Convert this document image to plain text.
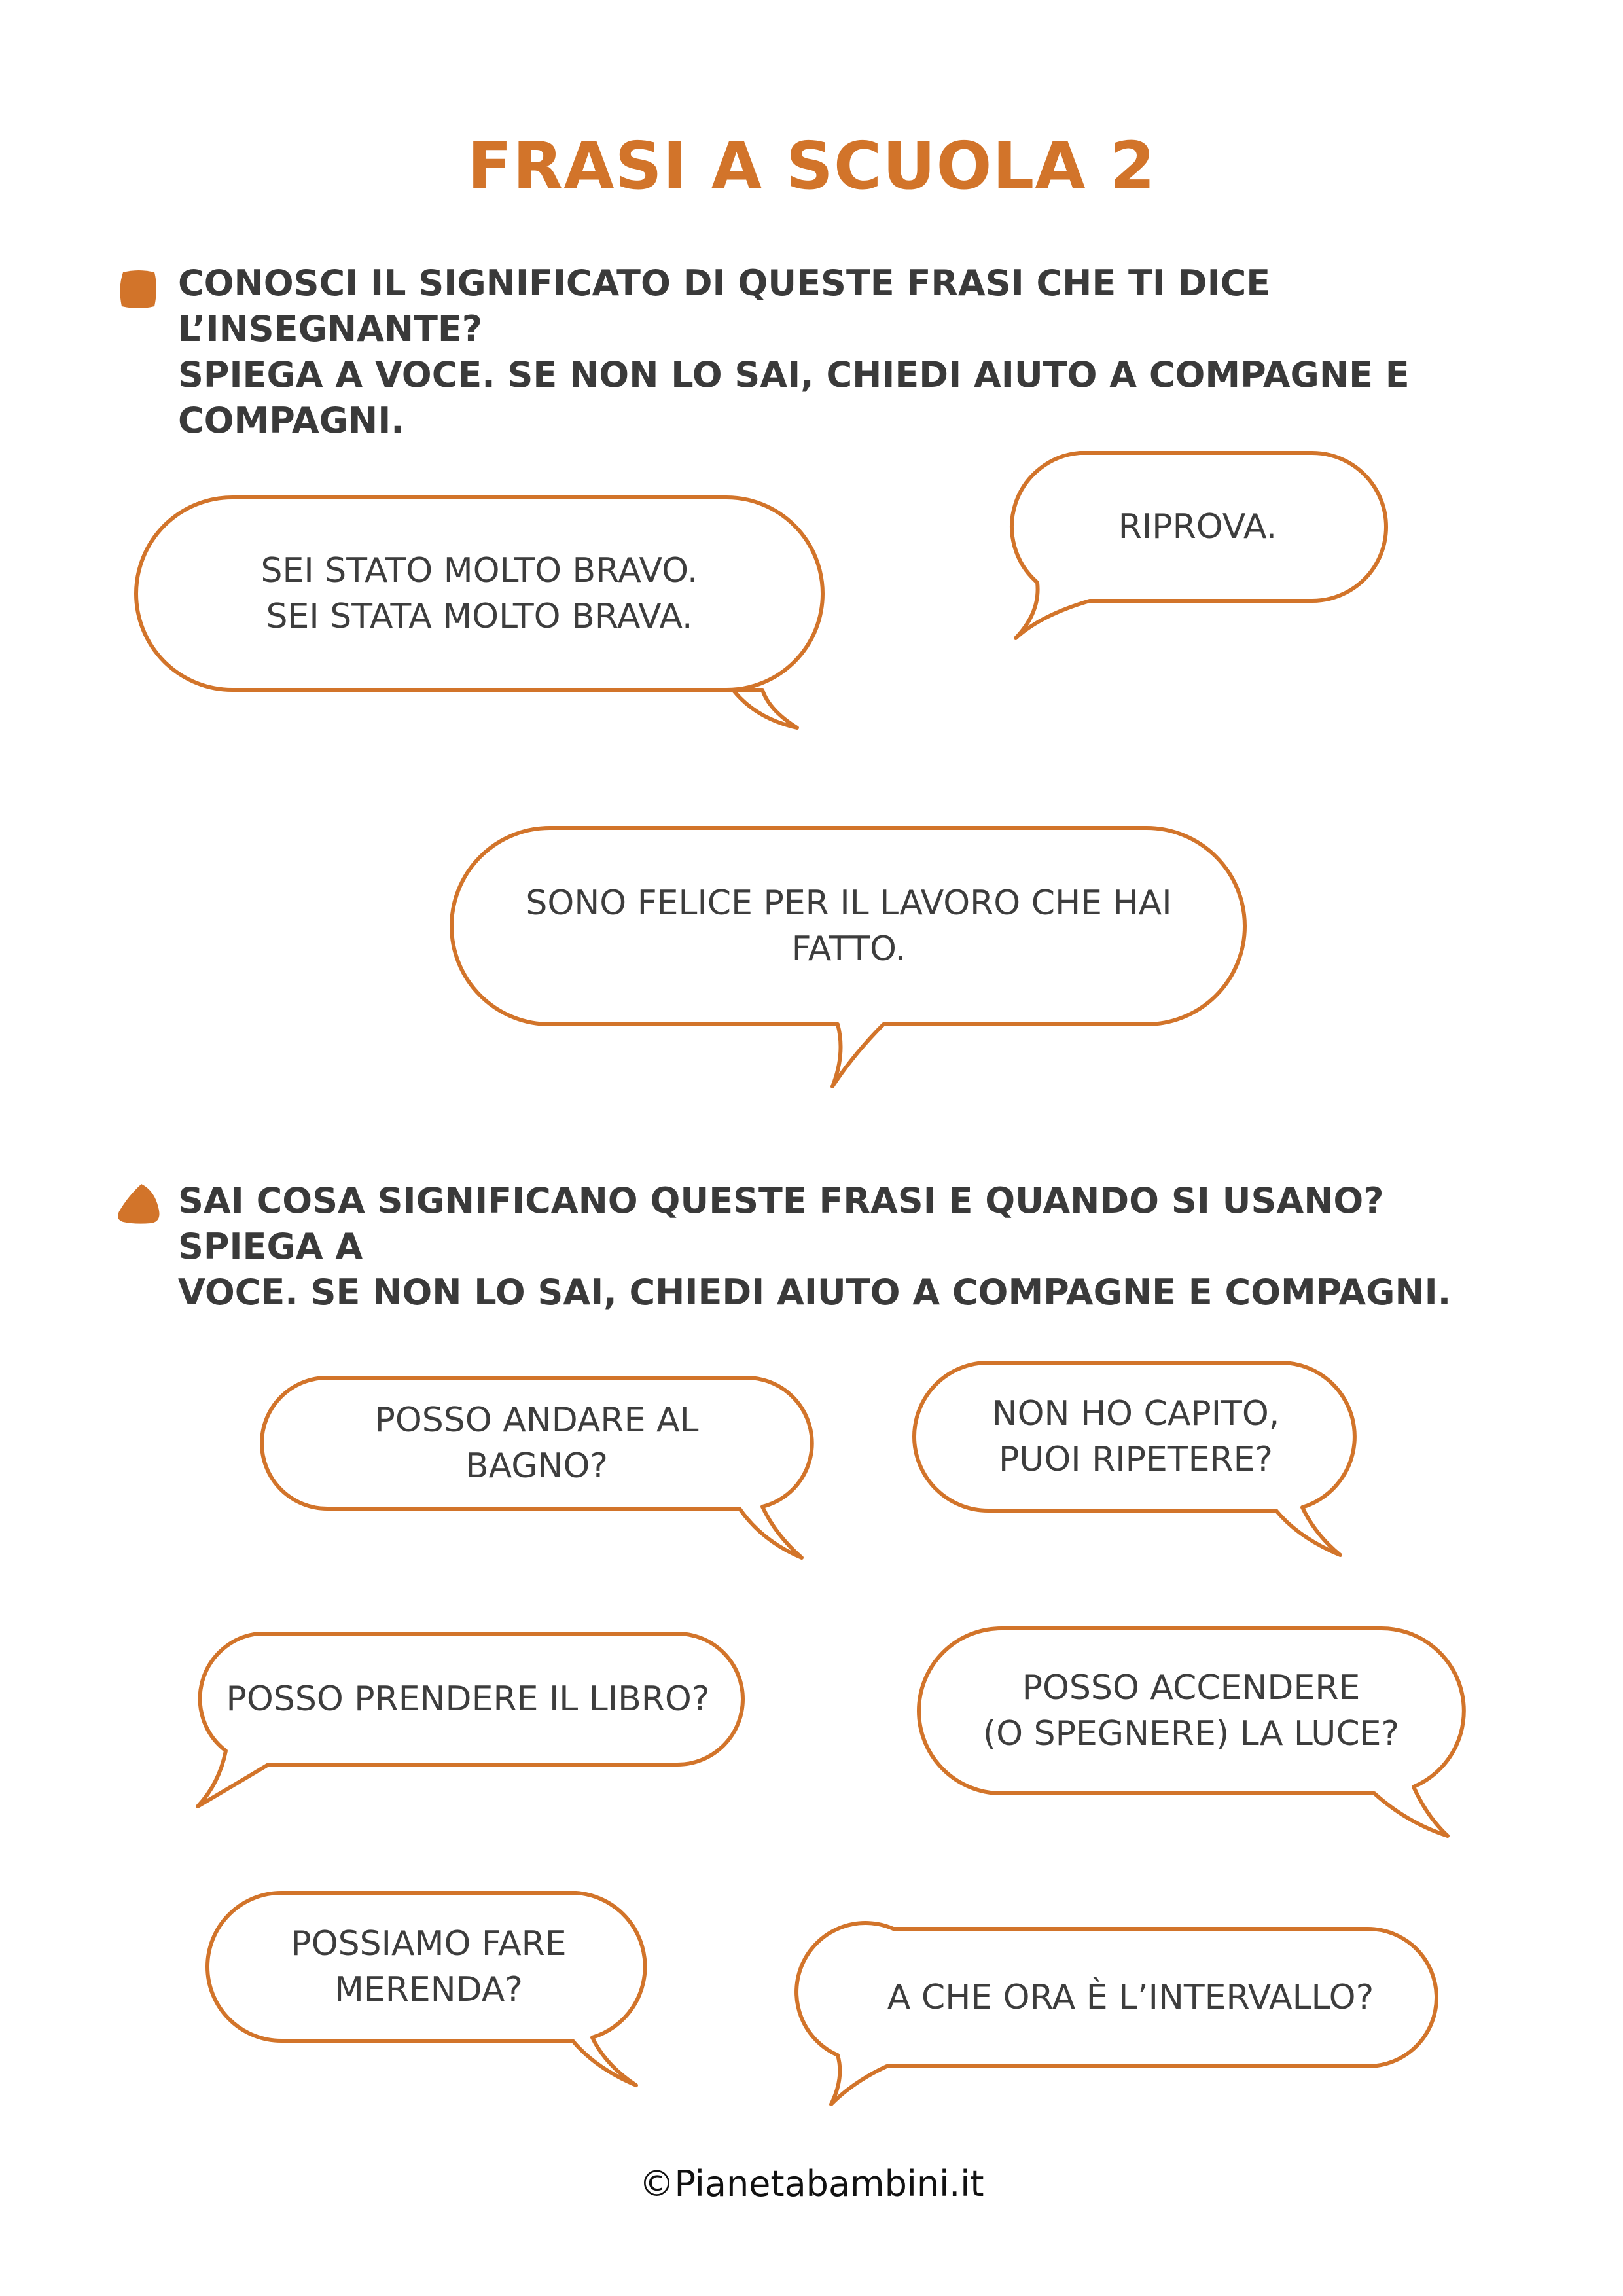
FRASI A SCUOLA 2
CONOSCI IL SIGNIFICATO DI QUESTE FRASI CHE TI DICE L’INSEGNANTE?
SPIEGA A VOCE. SE NON LO SAI, CHIEDI AIUTO A COMPAGNE E
COMPAGNI.
SAI COSA SIGNIFICANO QUESTE FRASI E QUANDO SI USANO? SPIEGA A
VOCE. SE NON LO SAI, CHIEDI AIUTO A COMPAGNE E COMPAGNI.
SEI STATO MOLTO BRAVO.
SEI STATA MOLTO BRAVA.
RIPROVA.
SONO FELICE PER IL LAVORO CHE HAI
FATTO.
POSSO ANDARE AL
BAGNO?
NON HO CAPITO,
PUOI RIPETERE?
POSSO PRENDERE IL LIBRO?	POSSO ACCENDERE
(O SPEGNERE) LA LUCE?
POSSIAMO FARE
MERENDA?	A CHE ORA È L’INTERVALLO?
©Pianetabambini.it
